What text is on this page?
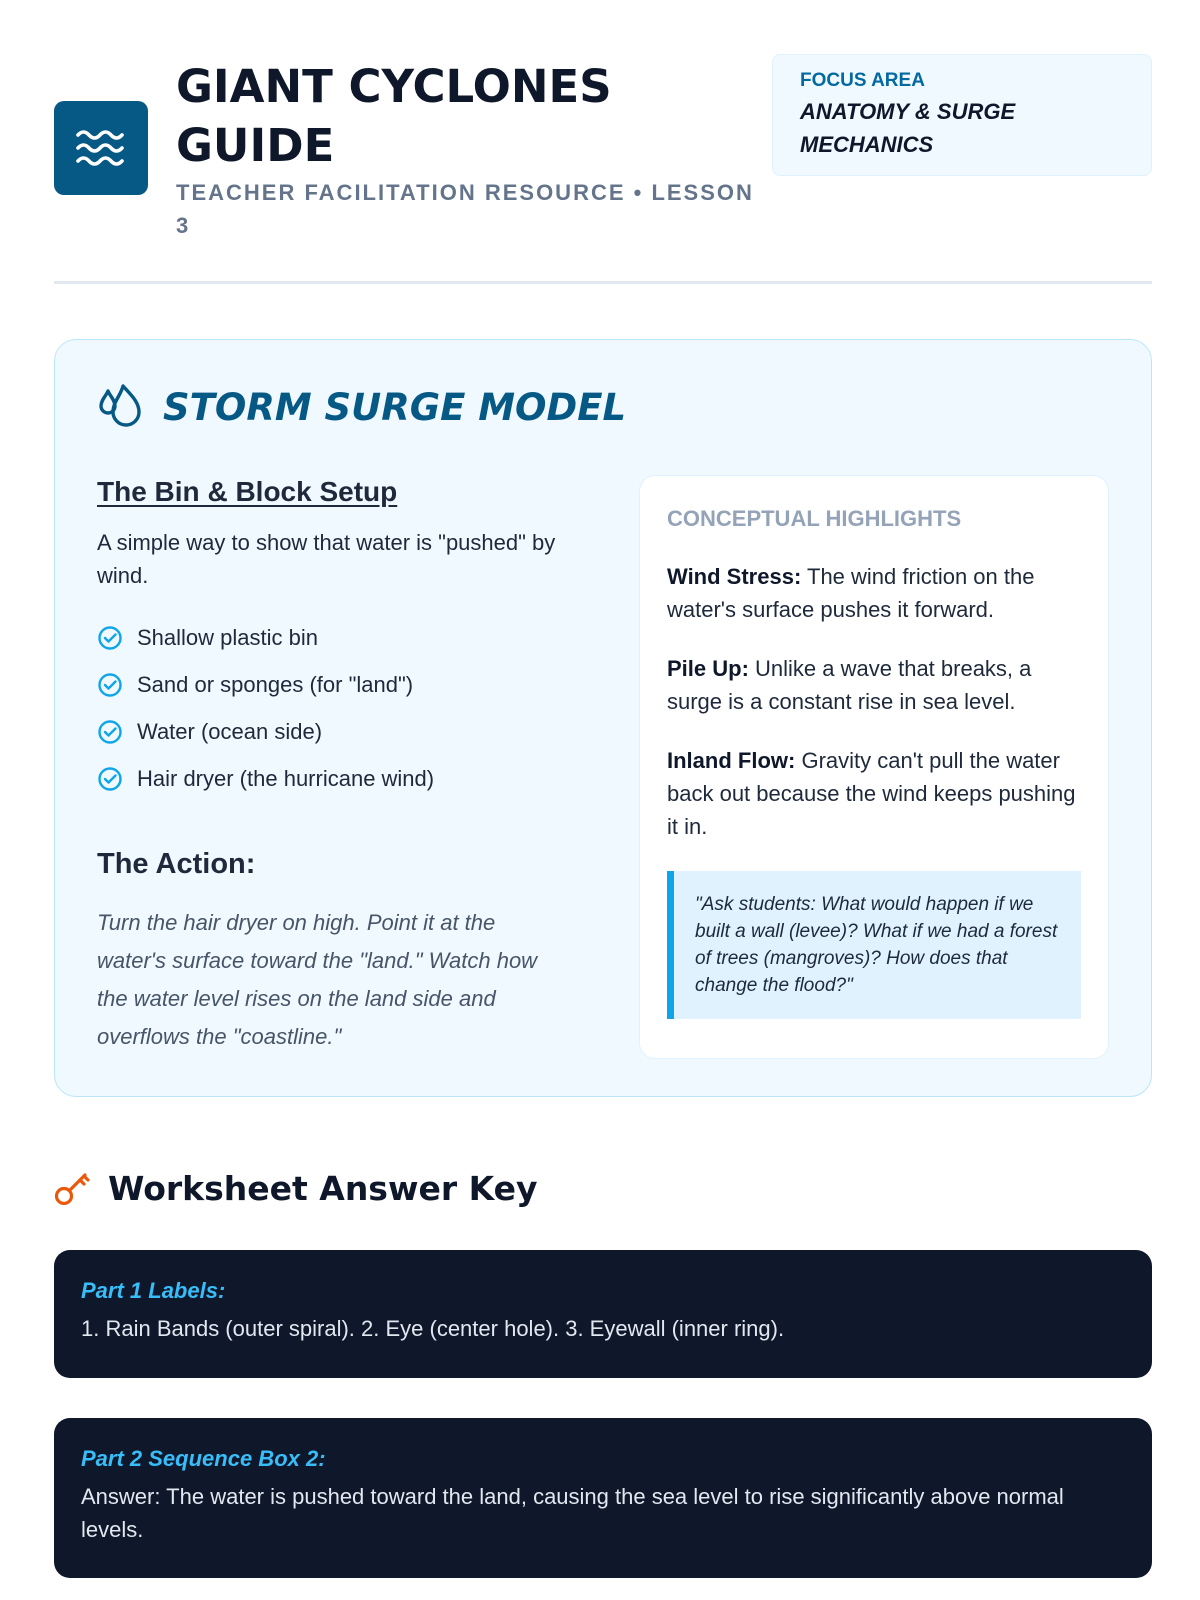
GIANT CYCLONES GUIDE
TEACHER FACILITATION RESOURCE • LESSON 3
FOCUS AREA
ANATOMY & SURGE MECHANICS
STORM SURGE MODEL
The Bin & Block Setup

A simple way to show that water is "pushed" by wind.

Shallow plastic bin
Sand or sponges (for "land")
Water (ocean side)
Hair dryer (the hurricane wind)
The Action:

Turn the hair dryer on high. Point it at the water's surface toward the "land." Watch how the water level rises on the land side and overflows the "coastline."

CONCEPTUAL HIGHLIGHTS

Wind Stress: The wind friction on the water's surface pushes it forward.

Pile Up: Unlike a wave that breaks, a surge is a constant rise in sea level.

Inland Flow: Gravity can't pull the water back out because the wind keeps pushing it in.

"Ask students: What would happen if we built a wall (levee)? What if we had a forest of trees (mangroves)? How does that change the flood?"
Worksheet Answer Key
Part 1 Labels:
1. Rain Bands (outer spiral). 2. Eye (center hole). 3. Eyewall (inner ring).
Part 2 Sequence Box 2:
Answer: The water is pushed toward the land, causing the sea level to rise significantly above normal levels.
